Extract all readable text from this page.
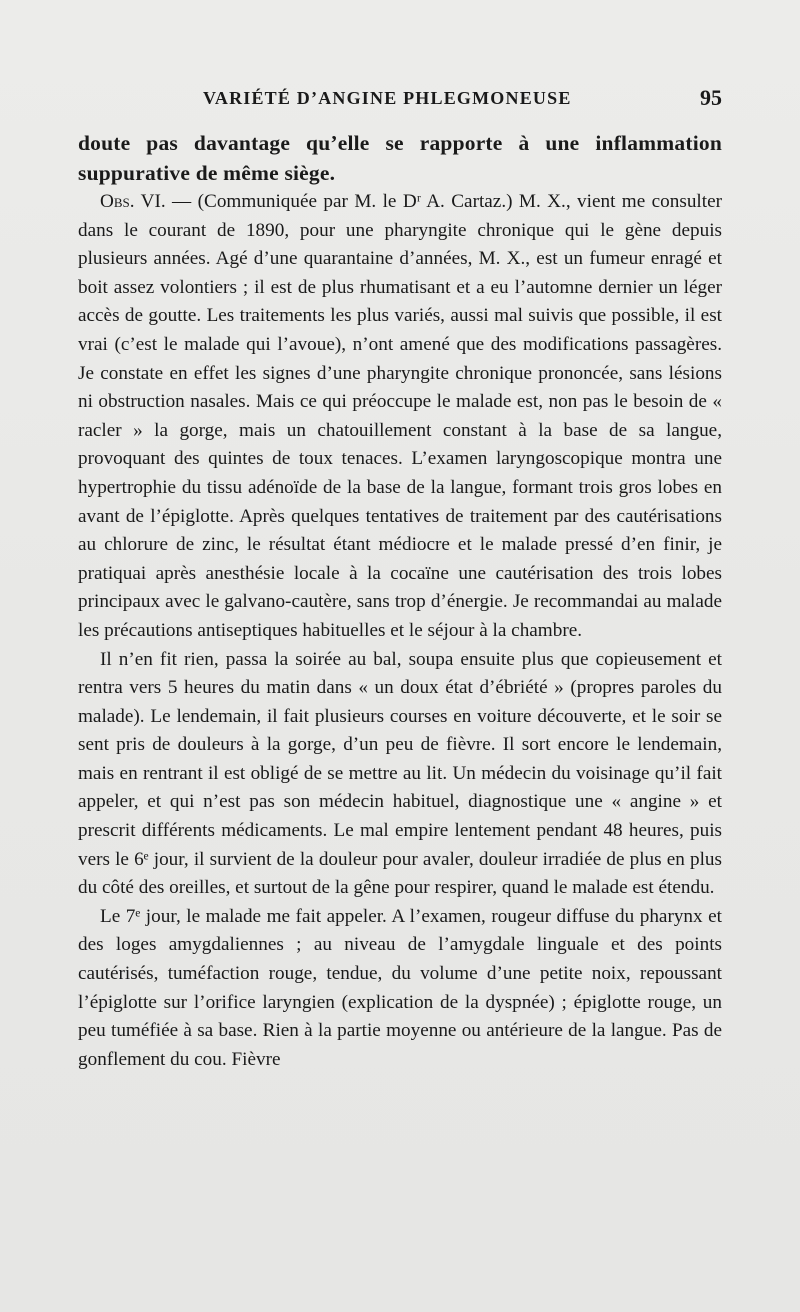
VARIÉTÉ D’ANGINE PHLEGMONEUSE	95

doute pas davantage qu’elle se rapporte à une inflammation suppurative de même siège.

Obs. VI. — (Communiquée par M. le Dʳ A. Cartaz.) M. X., vient me consulter dans le courant de 1890, pour une pharyngite chronique qui le gène depuis plusieurs années. Agé d’une quarantaine d’années, M. X., est un fumeur enragé et boit assez volontiers ; il est de plus rhumatisant et a eu l’automne dernier un léger accès de goutte. Les traitements les plus variés, aussi mal suivis que possible, il est vrai (c’est le malade qui l’avoue), n’ont amené que des modifications passagères. Je constate en effet les signes d’une pharyngite chronique prononcée, sans lésions ni obstruction nasales. Mais ce qui préoccupe le malade est, non pas le besoin de « racler » la gorge, mais un chatouillement constant à la base de sa langue, provoquant des quintes de toux tenaces. L’examen laryngoscopique montra une hypertrophie du tissu adénoïde de la base de la langue, formant trois gros lobes en avant de l’épiglotte. Après quelques tentatives de traitement par des cautérisations au chlorure de zinc, le résultat étant médiocre et le malade pressé d’en finir, je pratiquai après anesthésie locale à la cocaïne une cautérisation des trois lobes principaux avec le galvano-cautère, sans trop d’énergie. Je recommandai au malade les précautions antiseptiques habituelles et le séjour à la chambre.

Il n’en fit rien, passa la soirée au bal, soupa ensuite plus que copieusement et rentra vers 5 heures du matin dans « un doux état d’ébriété » (propres paroles du malade). Le lendemain, il fait plusieurs courses en voiture découverte, et le soir se sent pris de douleurs à la gorge, d’un peu de fièvre. Il sort encore le lendemain, mais en rentrant il est obligé de se mettre au lit. Un médecin du voisinage qu’il fait appeler, et qui n’est pas son médecin habituel, diagnostique une « angine » et prescrit différents médicaments. Le mal empire lentement pendant 48 heures, puis vers le 6ᵉ jour, il survient de la douleur pour avaler, douleur irradiée de plus en plus du côté des oreilles, et surtout de la gêne pour respirer, quand le malade est étendu.

Le 7ᵉ jour, le malade me fait appeler. A l’examen, rougeur diffuse du pharynx et des loges amygdaliennes ; au niveau de l’amygdale linguale et des points cautérisés, tuméfaction rouge, tendue, du volume d’une petite noix, repoussant l’épiglotte sur l’orifice laryngien (explication de la dyspnée) ; épiglotte rouge, un peu tuméfiée à sa base. Rien à la partie moyenne ou antérieure de la langue. Pas de gonflement du cou. Fièvre
